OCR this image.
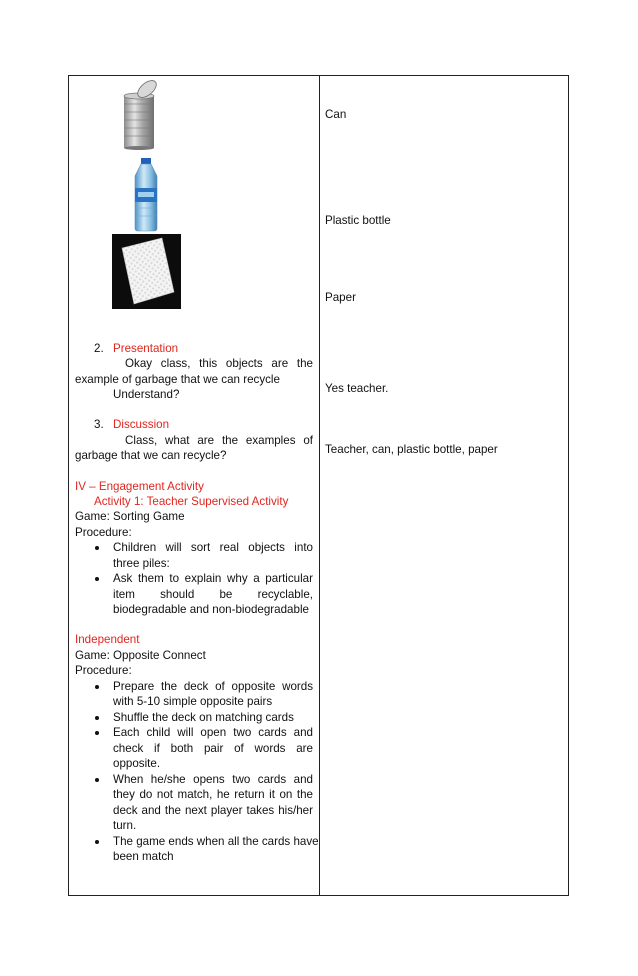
Can
Plastic bottle
Paper
Yes teacher.
Teacher, can, plastic bottle, paper
2. Presentation
Okay class, this objects are the
example of garbage that we can recycle
Understand?
3. Discussion
Class, what are the examples of
garbage that we can recycle?
IV – Engagement Activity
Activity 1: Teacher Supervised Activity
Game: Sorting Game
Procedure:
Children will sort real objects into
three piles:
Ask them to explain why a particular
item should be recyclable,
biodegradable and non-biodegradable
Independent
Game: Opposite Connect
Procedure:
Prepare the deck of opposite words
with 5-10 simple opposite pairs
Shuffle the deck on matching cards
Each child will open two cards and
check if both pair of words are
opposite.
When he/she opens two cards and
they do not match, he return it on the
deck and the next player takes his/her
turn.
The game ends when all the cards have
been match
